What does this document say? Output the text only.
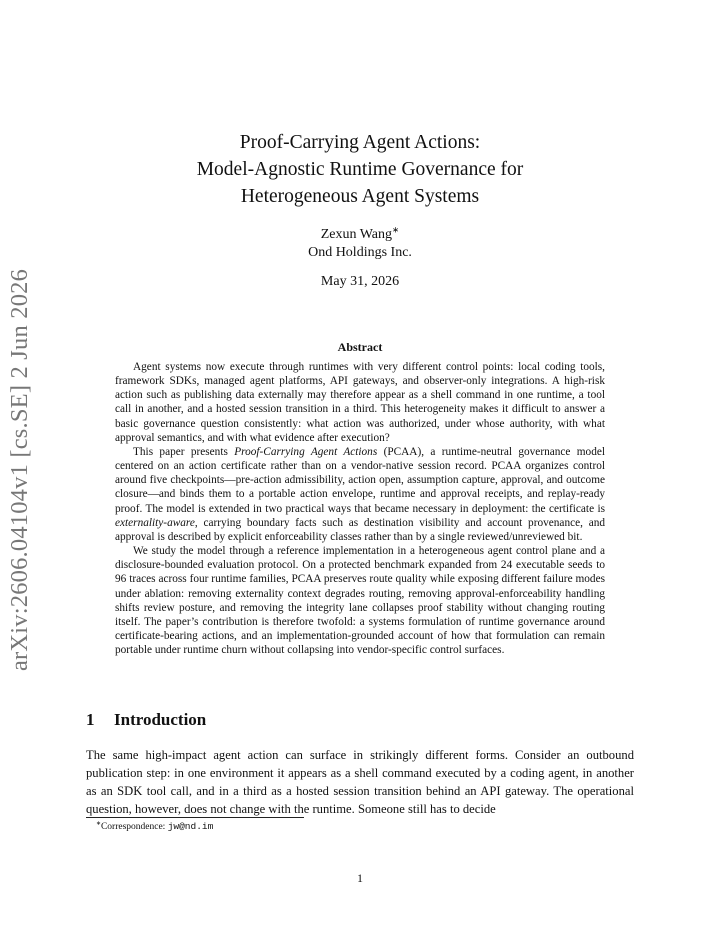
arXiv:2606.04104v1 [cs.SE] 2 Jun 2026
Proof-Carrying Agent Actions:
Model-Agnostic Runtime Governance for
Heterogeneous Agent Systems
Zexun Wang∗
Ond Holdings Inc.
May 31, 2026
Abstract

Agent systems now execute through runtimes with very different control points: local coding tools, framework SDKs, managed agent platforms, API gateways, and observer-only integrations. A high-risk action such as publishing data externally may therefore appear as a shell command in one runtime, a tool call in another, and a hosted session transition in a third. This heterogeneity makes it difficult to answer a basic governance question consistently: what action was authorized, under whose authority, with what approval semantics, and with what evidence after execution?

This paper presents Proof-Carrying Agent Actions (PCAA), a runtime-neutral governance model centered on an action certificate rather than on a vendor-native session record. PCAA organizes control around five checkpoints—pre-action admissibility, action open, assumption capture, approval, and outcome closure—and binds them to a portable action envelope, runtime and approval receipts, and replay-ready proof. The model is extended in two practical ways that became necessary in deployment: the certificate is externality-aware, carrying boundary facts such as destination visibility and account provenance, and approval is described by explicit enforceability classes rather than by a single reviewed/unreviewed bit.

We study the model through a reference implementation in a heterogeneous agent control plane and a disclosure-bounded evaluation protocol. On a protected benchmark expanded from 24 executable seeds to 96 traces across four runtime families, PCAA preserves route quality while exposing different failure modes under ablation: removing externality context degrades routing, removing approval-enforceability handling shifts review posture, and removing the integrity lane collapses proof stability without changing routing itself. The paper’s contribution is therefore twofold: a systems formulation of runtime governance around certificate-bearing actions, and an implementation-grounded account of how that formulation can remain portable under runtime churn without collapsing into vendor-specific control surfaces.

1 Introduction

The same high-impact agent action can surface in strikingly different forms. Consider an outbound publication step: in one environment it appears as a shell command executed by a coding agent, in another as an SDK tool call, and in a third as a hosted session transition behind an API gateway. The operational question, however, does not change with the runtime. Someone still has to decide

∗Correspondence: jw@nd.im
1
